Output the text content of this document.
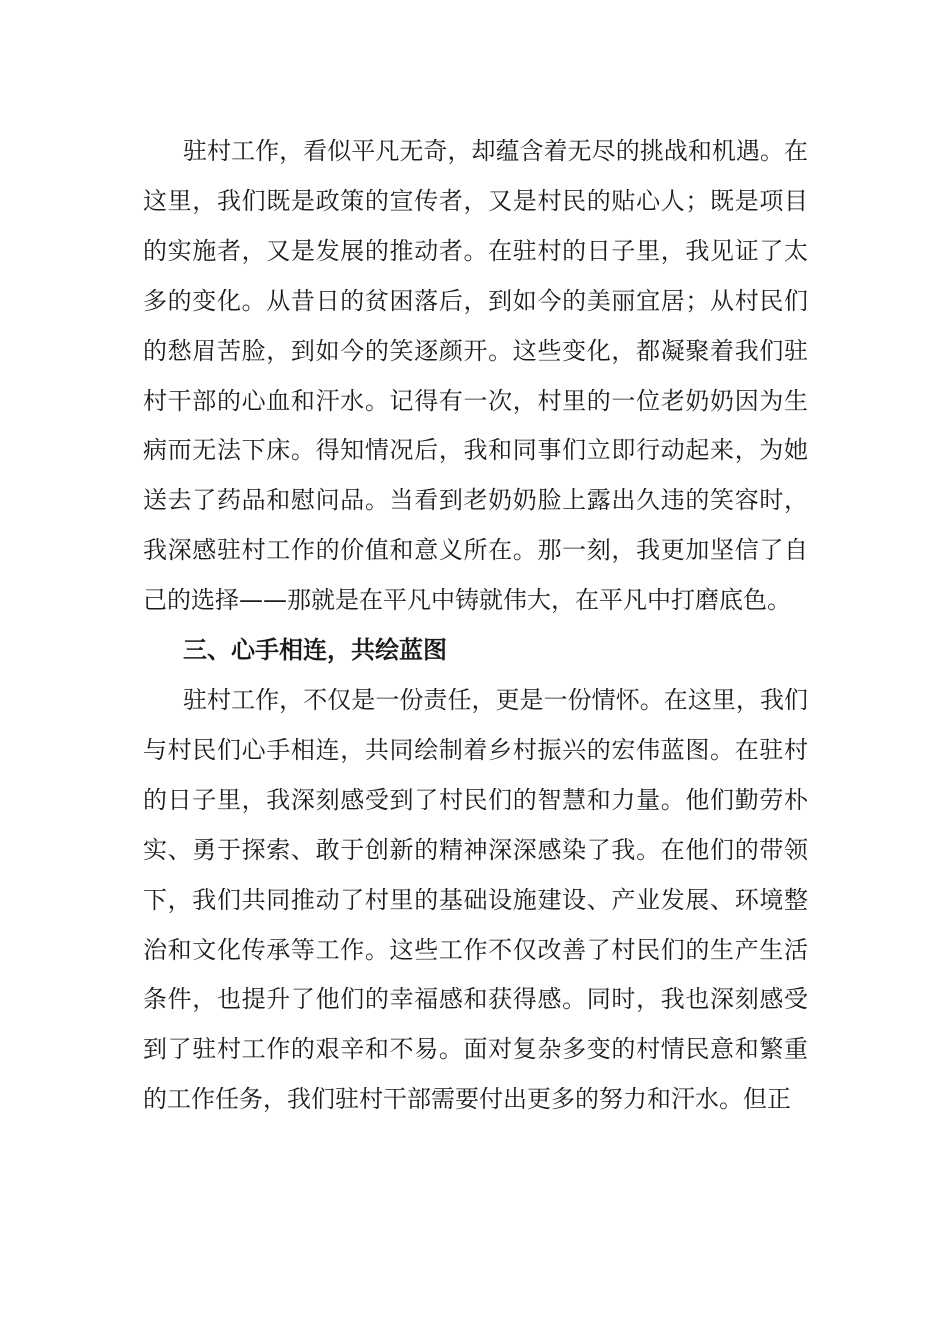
驻村工作，看似平凡无奇，却蕴含着无尽的挑战和机遇。在这里，我们既是政策的宣传者，又是村民的贴心人；既是项目的实施者，又是发展的推动者。在驻村的日子里，我见证了太多的变化。从昔日的贫困落后，到如今的美丽宜居；从村民们的愁眉苦脸，到如今的笑逐颜开。这些变化，都凝聚着我们驻村干部的心血和汗水。记得有一次，村里的一位老奶奶因为生病而无法下床。得知情况后，我和同事们立即行动起来，为她送去了药品和慰问品。当看到老奶奶脸上露出久违的笑容时，我深感驻村工作的价值和意义所在。那一刻，我更加坚信了自己的选择——那就是在平凡中铸就伟大，在平凡中打磨底色。

三、心手相连，共绘蓝图

驻村工作，不仅是一份责任，更是一份情怀。在这里，我们与村民们心手相连，共同绘制着乡村振兴的宏伟蓝图。在驻村的日子里，我深刻感受到了村民们的智慧和力量。他们勤劳朴实、勇于探索、敢于创新的精神深深感染了我。在他们的带领下，我们共同推动了村里的基础设施建设、产业发展、环境整治和文化传承等工作。这些工作不仅改善了村民们的生产生活条件，也提升了他们的幸福感和获得感。同时，我也深刻感受到了驻村工作的艰辛和不易。面对复杂多变的村情民意和繁重的工作任务，我们驻村干部需要付出更多的努力和汗水。但正
